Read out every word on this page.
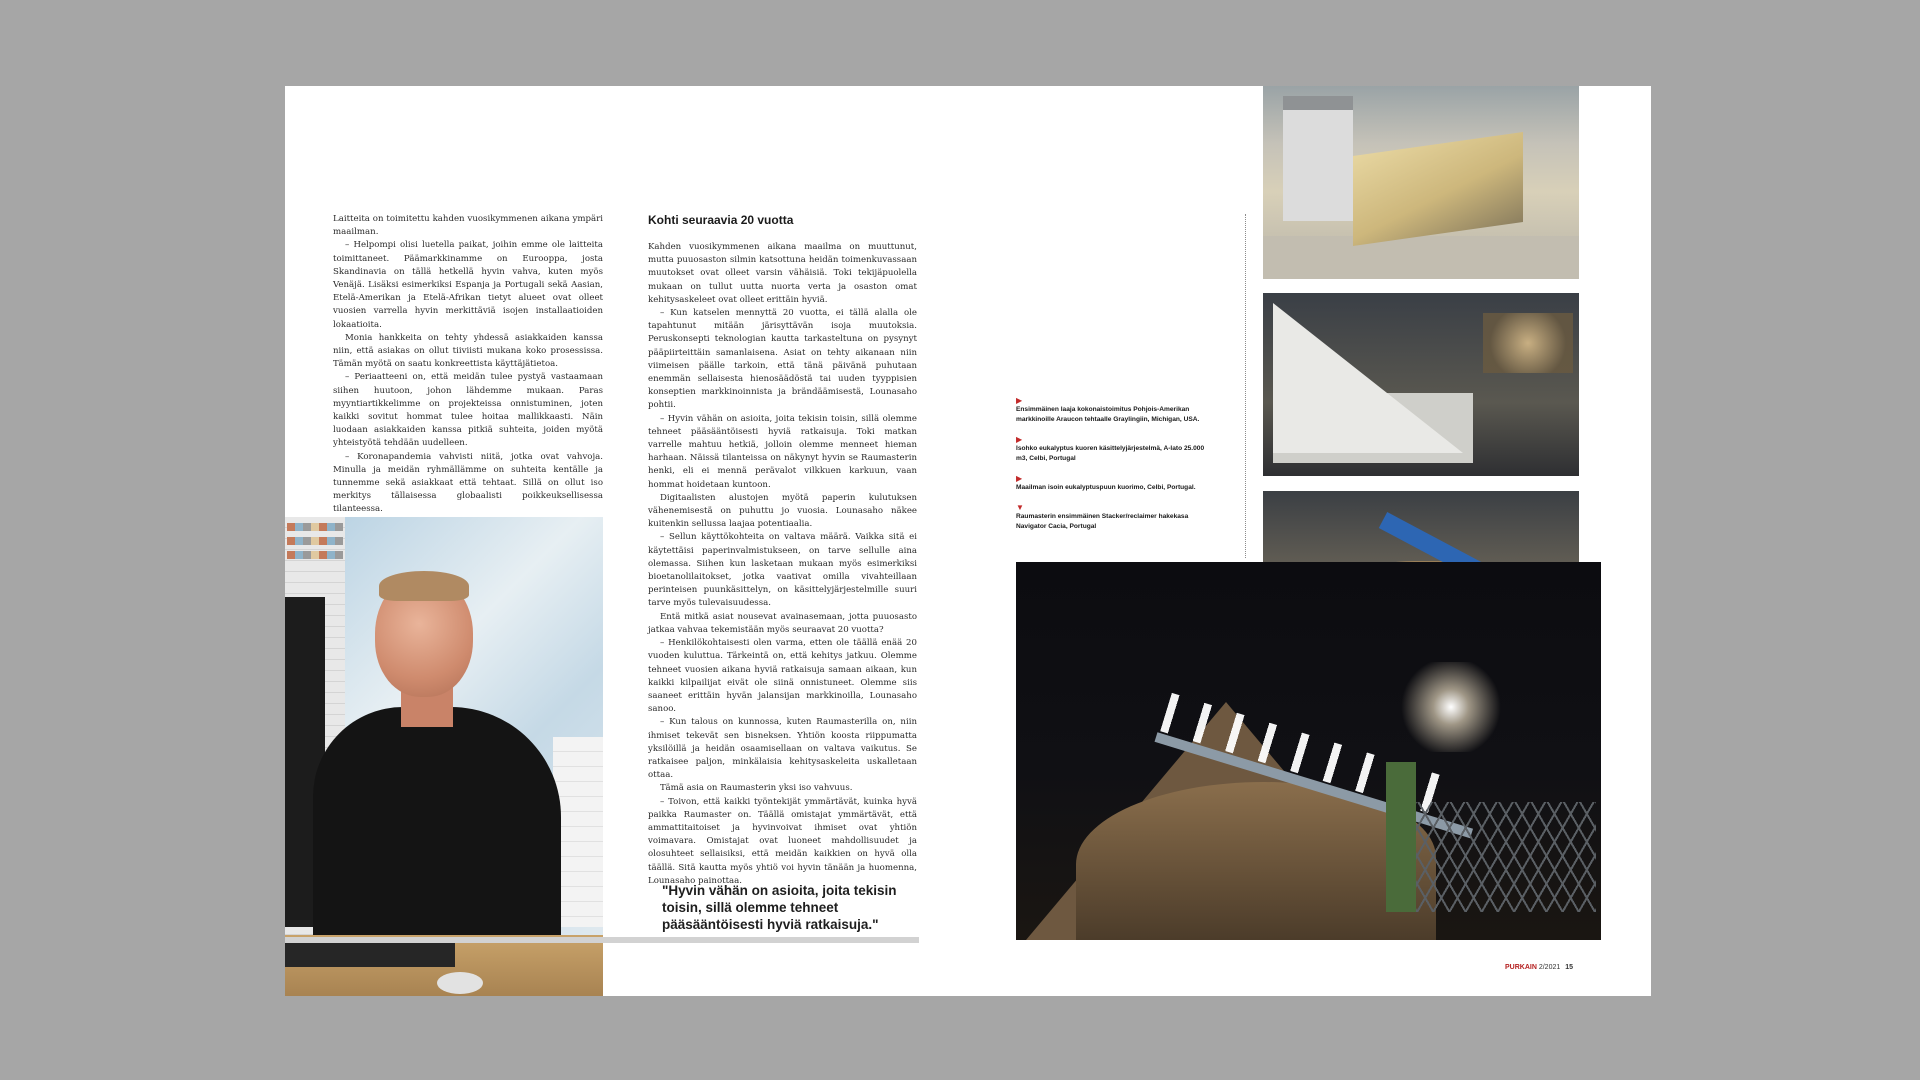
Laitteita on toimitettu kahden vuosikymmenen aikana ympäri maailman.

– Helpompi olisi luetella paikat, joihin emme ole laitteita toimittaneet. Päämarkkinamme on Eurooppa, josta Skandinavia on tällä hetkellä hyvin vahva, kuten myös Venäjä. Lisäksi esimerkiksi Espanja ja Portugali sekä Aasian, Etelä-Amerikan ja Etelä-Afrikan tietyt alueet ovat olleet vuosien varrella hyvin merkittäviä isojen installaatioiden lokaatioita.

Monia hankkeita on tehty yhdessä asiakkaiden kanssa niin, että asiakas on ollut tiiviisti mukana koko prosessissa. Tämän myötä on saatu konkreettista käyttäjätietoa.

– Periaatteeni on, että meidän tulee pystyä vastaamaan siihen huutoon, johon lähdemme mukaan. Paras myyntiartikkelimme on projekteissa onnistuminen, joten kaikki sovitut hommat tulee hoitaa mallikkaasti. Näin luodaan asiakkaiden kanssa pitkiä suhteita, joiden myötä yhteistyötä tehdään uudelleen.

– Koronapandemia vahvisti niitä, jotka ovat vahvoja. Minulla ja meidän ryhmällämme on suhteita kentälle ja tunnemme sekä asiakkaat että tehtaat. Sillä on ollut iso merkitys tällaisessa globaalisti poikkeuksellisessa tilanteessa.

Kohti seuraavia 20 vuotta

Kahden vuosikymmenen aikana maailma on muuttunut, mutta puuosaston silmin katsottuna heidän toimenkuvassaan muutokset ovat olleet varsin vähäisiä. Toki tekijäpuolella mukaan on tullut uutta nuorta verta ja osaston omat kehitysaskeleet ovat olleet erittäin hyviä.

– Kun katselen mennyttä 20 vuotta, ei tällä alalla ole tapahtunut mitään järisyttävän isoja muutoksia. Peruskonsepti teknologian kautta tarkasteltuna on pysynyt pääpiirteittäin samanlaisena. Asiat on tehty aikanaan niin viimeisen päälle tarkoin, että tänä päivänä puhutaan enemmän sellaisesta hienosäädöstä tai uuden tyyppisien konseptien markkinoinnista ja brändäämisestä, Lounasaho pohtii.

– Hyvin vähän on asioita, joita tekisin toisin, sillä olemme tehneet pääsääntöisesti hyviä ratkaisuja. Toki matkan varrelle mahtuu hetkiä, jolloin olemme menneet hieman harhaan. Näissä tilanteissa on näkynyt hyvin se Raumasterin henki, eli ei mennä perävalot vilkkuen karkuun, vaan hommat hoidetaan kuntoon.

Digitaalisten alustojen myötä paperin kulutuksen vähenemisestä on puhuttu jo vuosia. Lounasaho näkee kuitenkin sellussa laajaa potentiaalia.

– Sellun käyttökohteita on valtava määrä. Vaikka sitä ei käytettäisi paperinvalmistukseen, on tarve sellulle aina olemassa. Siihen kun lasketaan mukaan myös esimerkiksi bioetanolilaitokset, jotka vaativat omilla vivahteillaan perinteisen puunkäsittelyn, on käsittelyjärjestelmille suuri tarve myös tulevaisuudessa.

Entä mitkä asiat nousevat avainasemaan, jotta puuosasto jatkaa vahvaa tekemistään myös seuraavat 20 vuotta?

– Henkilökohtaisesti olen varma, etten ole täällä enää 20 vuoden kuluttua. Tärkeintä on, että kehitys jatkuu. Olemme tehneet vuosien aikana hyviä ratkaisuja samaan aikaan, kun kaikki kilpailijat eivät ole siinä onnistuneet. Olemme siis saaneet erittäin hyvän jalansijan markkinoilla, Lounasaho sanoo.

– Kun talous on kunnossa, kuten Raumasterilla on, niin ihmiset tekevät sen bisneksen. Yhtiön koosta riippumatta yksilöillä ja heidän osaamisellaan on valtava vaikutus. Se ratkaisee paljon, minkälaisia kehitysaskeleita uskalletaan ottaa.

Tämä asia on Raumasterin yksi iso vahvuus.

– Toivon, että kaikki työntekijät ymmärtävät, kuinka hyvä paikka Raumaster on. Täällä omistajat ymmärtävät, että ammattitaitoiset ja hyvinvoivat ihmiset ovat yhtiön voimavara. Omistajat ovat luoneet mahdollisuudet ja olosuhteet sellaisiksi, että meidän kaikkien on hyvä olla täällä. Sitä kautta myös yhtiö voi hyvin tänään ja huomenna, Lounasaho painottaa.

"Hyvin vähän on asioita, joita tekisin toisin, sillä olemme tehneet pääsääntöisesti hyviä ratkaisuja."
▶
Ensimmäinen laaja kokonaistoimitus Pohjois-Amerikan markkinoille Araucon tehtaalle Graylingiin, Michigan, USA.
▶
Isohko eukalyptus kuoren käsittelyjärjestelmä, A-lato 25.000 m3, Celbi, Portugal
▶
Maailman isoin eukalyptuspuun kuorimo, Celbi, Portugal.
▼
Raumasterin ensimmäinen Stacker/reclaimer hakekasa Navigator Cacia, Portugal
PURKAIN 2/2021 15
